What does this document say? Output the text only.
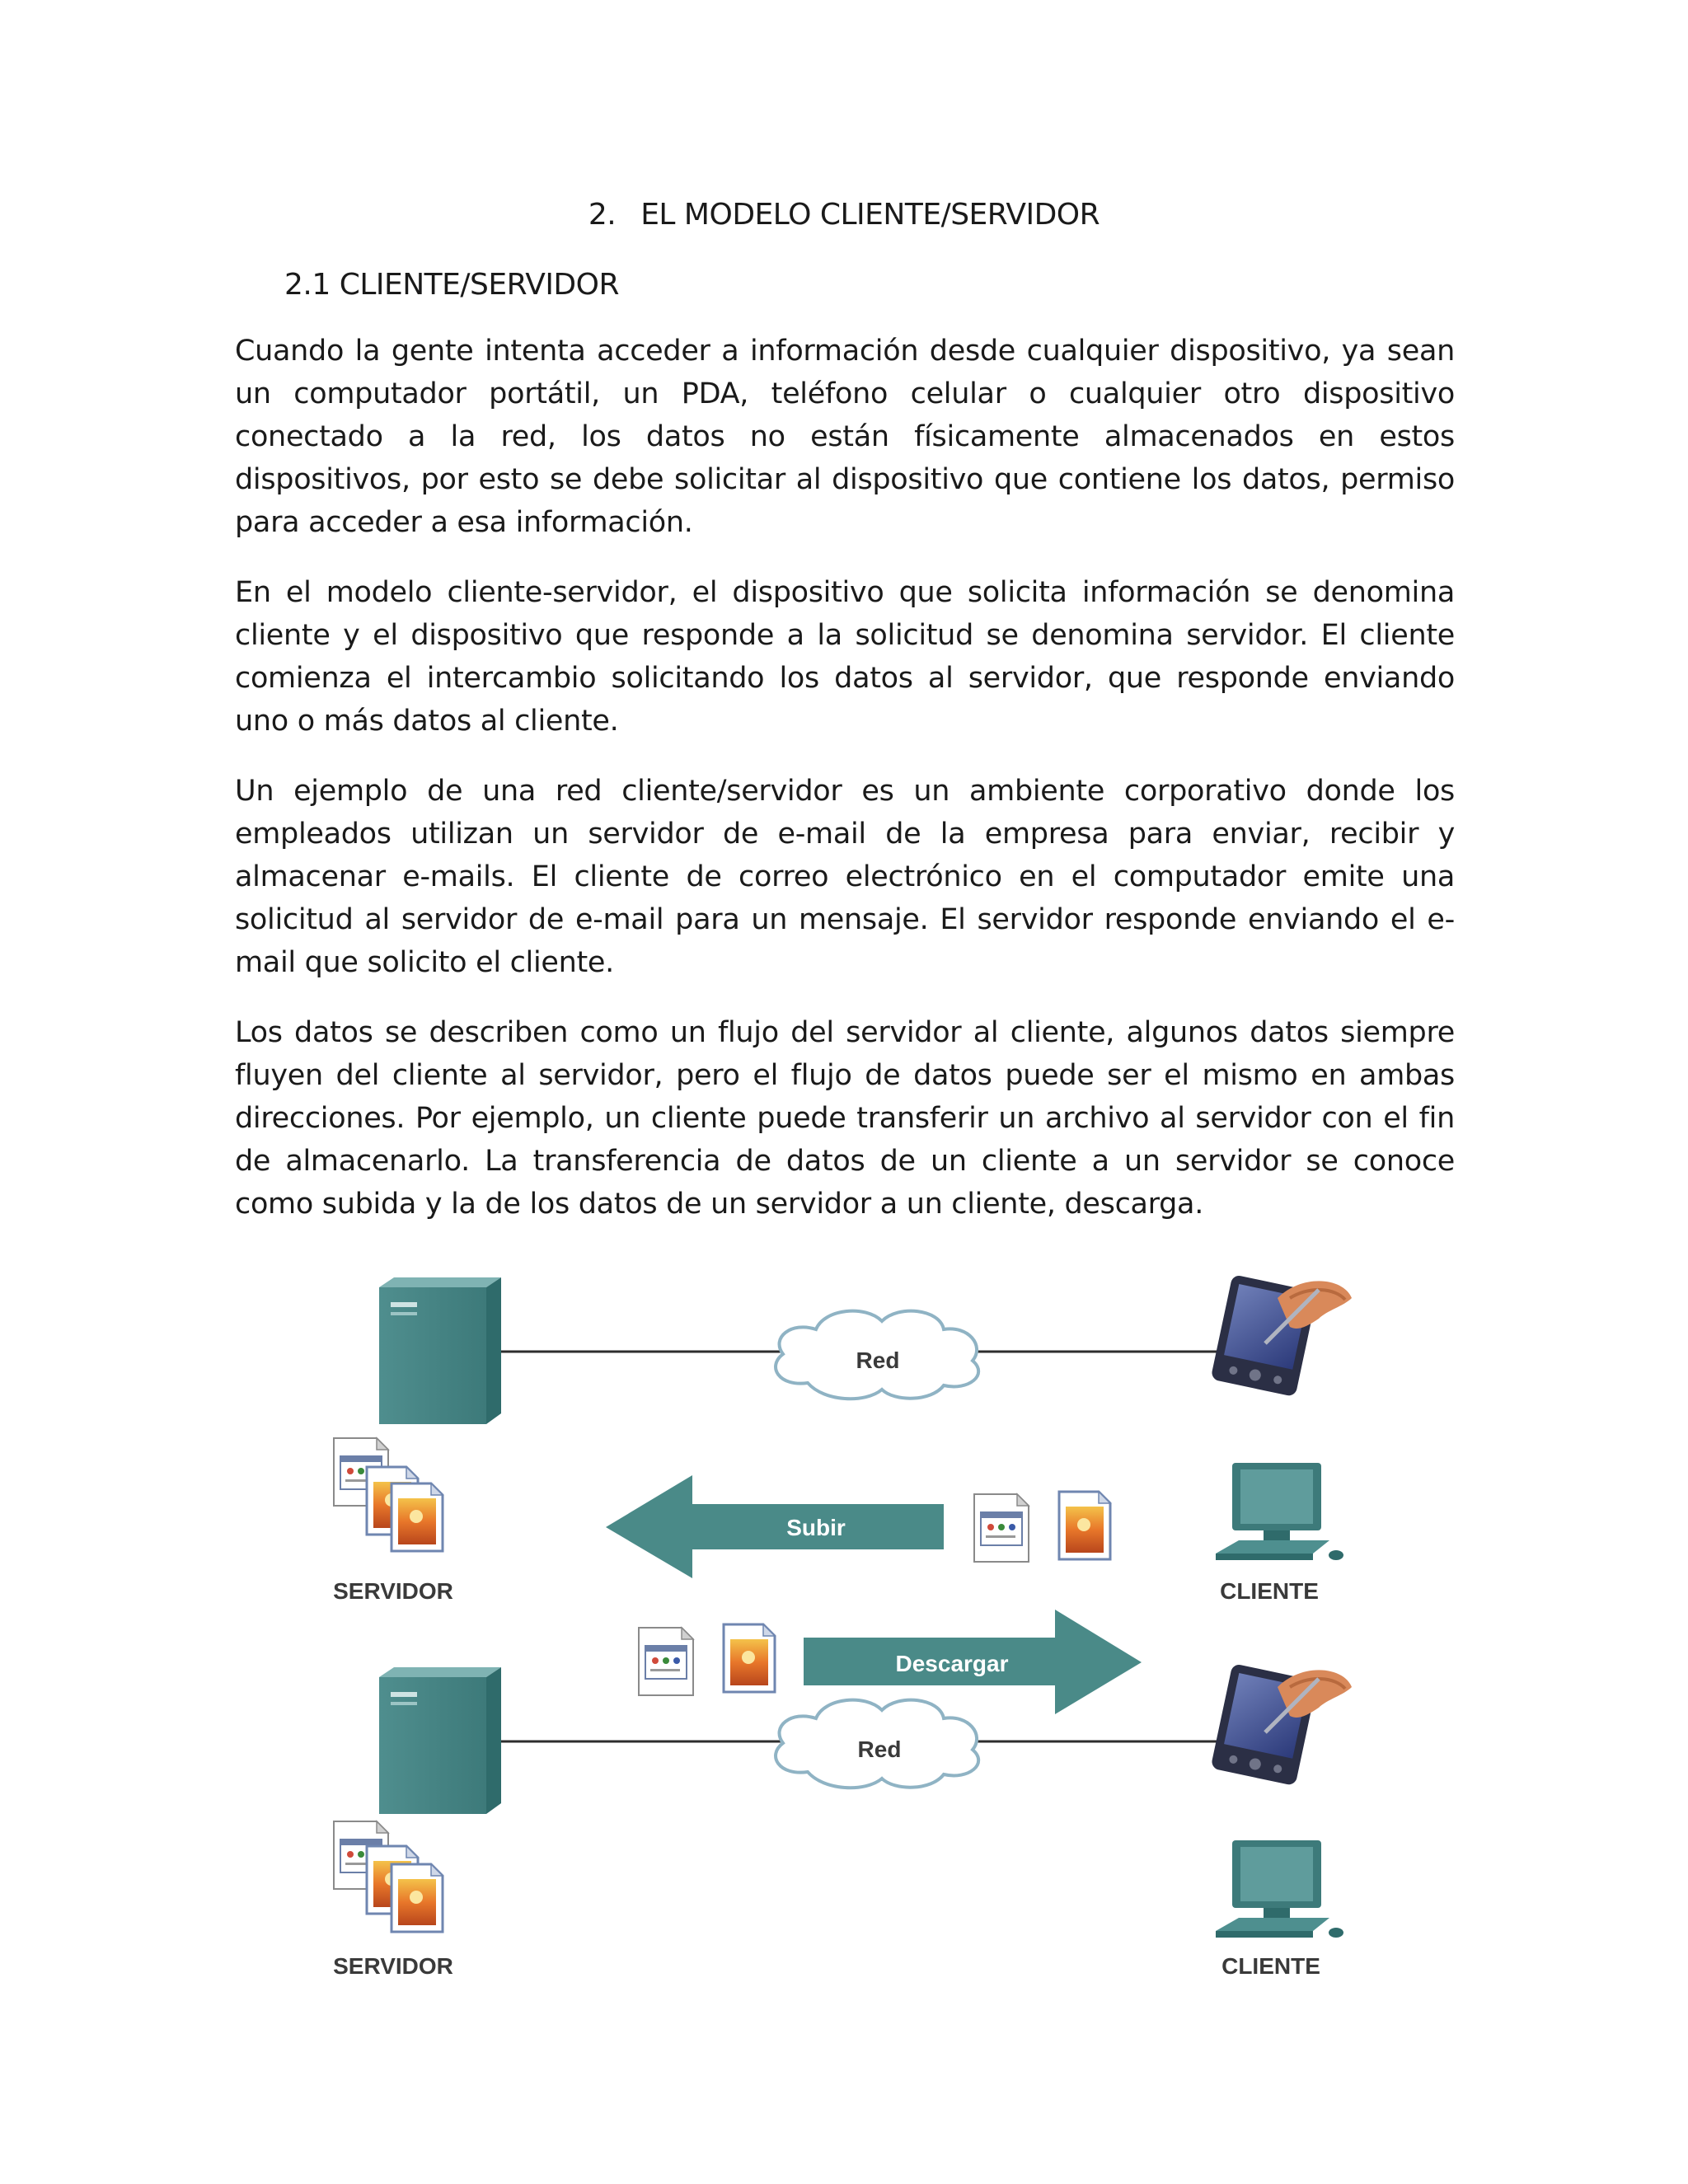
2. EL MODELO CLIENTE/SERVIDOR
2.1 CLIENTE/SERVIDOR

Cuando la gente intenta acceder a información desde cualquier dispositivo, ya sean un computador portátil, un PDA, teléfono celular o cualquier otro dispositivo conectado a la red, los datos no están físicamente almacenados en estos dispositivos, por esto se debe solicitar al dispositivo que contiene los datos, permiso para acceder a esa información.

En el modelo cliente-servidor, el dispositivo que solicita información se denomina cliente y el dispositivo que responde a la solicitud se denomina servidor. El cliente comienza el intercambio solicitando los datos al servidor, que responde enviando uno o más datos al cliente.

Un ejemplo de una red cliente/servidor es un ambiente corporativo donde los empleados utilizan un servidor de e-mail de la empresa para enviar, recibir y almacenar e-mails. El cliente de correo electrónico en el computador emite una solicitud al servidor de e-mail para un mensaje. El servidor responde enviando el e-mail que solicito el cliente.

Los datos se describen como un flujo del servidor al cliente, algunos datos siempre fluyen del cliente al servidor, pero el flujo de datos puede ser el mismo en ambas direcciones. Por ejemplo, un cliente puede transferir un archivo al servidor con el fin de almacenarlo. La transferencia de datos de un cliente a un servidor se conoce como subida y la de los datos de un servidor a un cliente, descarga.

Red
SERVIDOR
Subir
CLIENTE
Descargar
Red
SERVIDOR	CLIENTE
